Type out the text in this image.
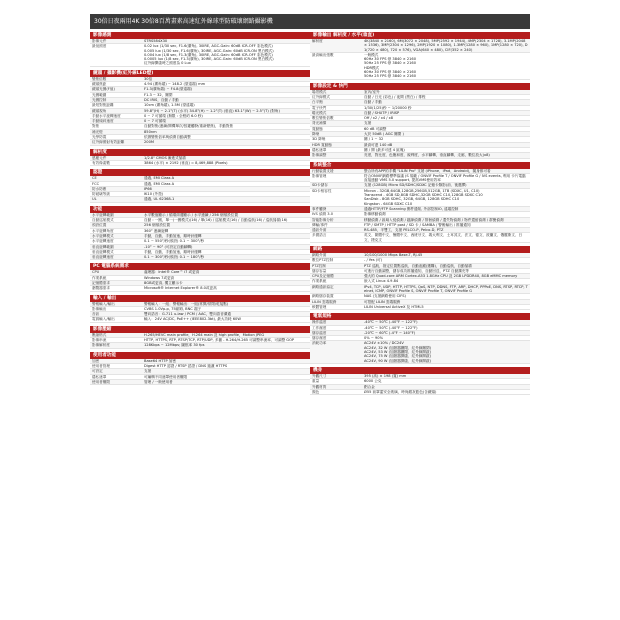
30倍日夜兩用4K 30倍8百萬畫素高速紅外線球型防破壞網路攝影機
影像感測
影像元件	STRS584X30
最低照度	0.02 lux (1/30 sec, F1.6(廣角), 30IRE, AGC-Gain: 60dB ICR-OFF 彩色模式)
0.005 lux (1/30 sec, F1.6(廣角), 30IRE, AGC-Gain: 60dB ICR-ON 黑白模式)
0.004 lux (1/8 sec, F1.3(廣角), 30IRE, AGC-Gain: 60dB ICR-OFF 彩色模式)
0.0005 lux (1/8 sec, F1.3(廣角), 30IRE, AGC-Gain: 60dB ICR-ON 黑白模式)
紅外線開啟時之照度為 0 Lux
鏡頭 / 攝影機(紅外線LED燈)
變焦倍數	30倍
鏡頭焦距	4.94 (廣角端) ~ 148.2 (望遠端) mm
鏡頭光圈(F值)	F1.3(廣角端) ~ F4.8(望遠端)
光圈範圍	F1.3 ~ 32，關閉
光圈控制	DC IRIS，自動 / 手動
最短對焦距離	10cm (廣角端), 1.5M (望遠端)
鏡頭視角	59.8°(H) ~ 2.1°(T) (水平) 34.8°(H) ~ 1.2°(T) (垂直) 63.1°(W) ~ 2.5°(T) (對角)
手動水平旋轉速度	0 ~ 7 可循環 (無限 : 全程約 6.0 秒)
手動傾斜速度	0 ~ 7 可循環
對焦	自動對焦(連續/開機單次/按鍵觸發/重新變焦)，手動對焦
補光燈	850nm
光學防震	依據變焦倍率與偵測自動調整
紅外線照射有效距離	200M
解析度
感應元件	1/2.8" CMOS 漸進式掃描
有效像素數	3864 (水平) × 2192 (垂直) = 8,469,888 (Pixels)
認證
CE	通過, EMI Class A
FCC	通過, EMI Class A
防水防塵	IP66
防破壞等級	IK10 (外殼)
UL	通過, UL 62368-1
功能
水平旋轉範圍	水平數值顯示 / 循環兩週顯示 / 水平連續 / 256 個預設位置
自動巡航模式	自動 : 一圈，單一(一圈模式)(16) / 單(16) / 巡航模式(16) / 自動巡航(16) / 巡航掃描(16)
預設位置	256 個預設位置
水平旋轉角度	360° 連續旋轉
水平旋轉模式	手動，自動，手動加速，順時針運轉
水平旋轉速度	0.1 ~ 550°/秒(預設) 0.1 ~ 300°/秒
垂直旋轉範圍	-10° ~ 90° (可設定自動翻轉)
垂直旋轉模式	手動，自動，手動加速，順時針運轉
垂直旋轉速度	0.1 ~ 300°/秒(預設) 0.1 ~ 180°/秒
PC 電腦系統需求
CPU	處理器：Intel® Core™ i7 或更高
作業系統	Windows 7或更高
記憶體需求	8GB或更高, 獨立顯示卡
瀏覽器需求	Microsoft® Internet Explorer® 8.0或更高
輸入 / 輸出
警報輸入/輸出	警報輸入：一組；警報輸出：一組(常開/常閉/乾接點)
影像輸出	CVBS 1.0Vp-p, 75歐姆, BNC 端子
音訊	雙向語音：G.711 u-law / PCM / AAC，雙向語音溝通
電源輸入/輸出	輸入：24V AC/DC, PoE++ (IEEE802.3bt), 最大功耗 60W
影像壓縮
壓縮格式	H.265/HEVC main profile，H.264 main 及 high profile，Motion JPEG
影像串流	HTTP, HTTPS, RTP, RTSP/TCP, RTP/UDP, 多播 - H.264/H.265 可調整串流率、可調整 GOP
影像解析度	128Kbps ~ 12Mbps; 圖框率 30 fps
使用者功能
加密	Base64 HTTP 加密
使用者管理	Digest HTTP 認證 / RTSP 認證 / DNS 過濾 HTTPS
可設定	支援
隱私遮罩	可編輯不同遮罩使用者權限
使用者權限	管理 / 一般使用者
影像輸出 解析度 / 水平(垂直)
解析度	4K(3840 × 2160), 6M(3072 × 2048), 5MP(2592 × 1944), 4MP(2304 × 1728), 3.1MP(2048 × 1536), 3MP(2304 × 1296), 2MP(1920 × 1080), 1.3MP(1280 × 960), 1MP(1280 × 720), D1(720 × 480), 720 × 576), VGA(640 × 480), CIF(352 × 240)
最高輸出張數	一般模式
60Hz 30 FPS @ 3840 × 2160
50Hz 25 FPS @ 3840 × 2160
HDR模式
60Hz 30 FPS @ 3840 × 2160
50Hz 25 FPS @ 3840 × 2160
影像設定 & 快門
場景模式	室內/室外
紅外線模式	自動 / 日光 (彩色) / 夜間 (黑白) / 排程
白平衡	自動 / 手動
電子快門	1/30(1/25)秒 ~ 1/20000 秒
曝光模式	自動 / SHUTP / IRISP
數位變焦倍數	Off / x2 / x4 / x8
背光補償	支援
寬動態	60 dB 可調整
降噪	大於 50dB ( AGC 關閉 )
3D 降噪	關 / 1 ~ 32
HDR 寬動態	最高可達 140 dB
隱私遮罩	關 / 開 (最多可達 4 區塊)
影像調整	亮度，對比度，色飽和度，銳利度，水平翻轉，垂直翻轉，走廊，數位放大(x8)
系統整合
行動裝置支援	整合所有APP的手機 "LILIN Pro" 支援 (iPhone、iPad、Android)，隨身都可看
影像管理	符合ONVIF網路標準協議 (S 規範 / ONVIF Profile T / ONVIF Profile G / IVS events, 利用 卡片電腦直接連動 VMS 5.0 support, 提高VMS使用效率
SD卡儲存	支援 (128GB) Micro SD/SDHC/SDXC 記憶卡錄影(前、後選擇)
SD卡相容性	Micron - 32GB,64GB,128GB,256GB,512GB, 1TB (SDXC, U1, C10)
Transcend - 4GB SD,8GB SDHC,32GB SDHC C10,128GB SDXC C10
SanDisk - 8GB SDHC, 32GB, 64GB, 128GB SDHC C10
Kingston - 64GB SDXC C10
事件觸發	通過HTTP/FTP Scanning 郵件通知, 外部控制IO, 遠端控制
IVS 偵測 3.0	影像移動偵測
智能影像分析	移動偵測 / 區域入侵偵測 / 越線偵測 / 徘徊偵測 / 遺失物偵測 / 物件遺留偵測 / 群聚偵測
傳輸/事件	FTP / SMTP / HTTP post / SD 卡 / SAMBA / 警報輸出 / 推播通知
通訊介面	RS-485，半雙工，支援 PELCO-P, Pelco-D, PTZ
多國語言	英文、繁體中文、簡體中文、西班牙文、義大利文、土耳其文、法文、德文、波蘭文、俄羅斯文、日文、捷克文
網路
網路介面	10/100/1000 Mbps Base-T, RJ-45
數位PTZ控制	- / Yes (可)
PTZ控制	PTZ 巡航，指定位置點巡航，自動追蹤(選購)，自動巡航，自動掃描
儲存容量	可進行自動調整，儲存成功推播通知，自動回送，PTZ 自動擴充等
CPU及記憶體	強大的 Quad-core ARM Cortex-A53 1.8GHz CPU 及 2GB LPDDR4X, 8GB eMMC memory
作業系統	嵌入式 Linux 4.9.84
網路通訊協定	IPv4, TCP, UDP, HTTP, HTTPS, QoS, NTP, DDNS, FTP, ARP, DHCP, PPPoE, DNS, RTSP, RTCP, Telnet, ICMP, ONVIF Profile S, ONVIF Profile T, ONVIF Profile G
網路儲存裝置	NAS (支援網路使用 CIFS)
LILIN 雲端服務	可搭配 LILIN 雲端服務
軟體管理	LILIN Universal ActiveX 及 HTML5
電氣規格
操作溫度	-40℃ ~ 50℃ (-40°F ~ 122°F)
工作濕度	-40℃ ~ 50℃ (-40°F ~ 122°F)
儲存溫度	-20℃ ~ 60℃ (-4°F ~ 140°F)
儲存濕度	0% ~ 90%
消耗功率	AC24V ±10% / DC24V
AC24V, 32 W (加熱器關閉、紅外線關閉)
AC24V, 53 W (加熱器關閉、紅外線開啟)
AC24V, 75 W (加熱器開啟、紅外線開啟)
AC24V, 90 W (加熱器開啟、紅外線開啟)
機身
外觀尺寸	395 (高) × 198 (寬) mm
重量	6000 公克
外觀材質	鋁合金
顏色	Ø55 前罩蓋安全玻璃，時尚銀灰藍色(含鏡頭)
